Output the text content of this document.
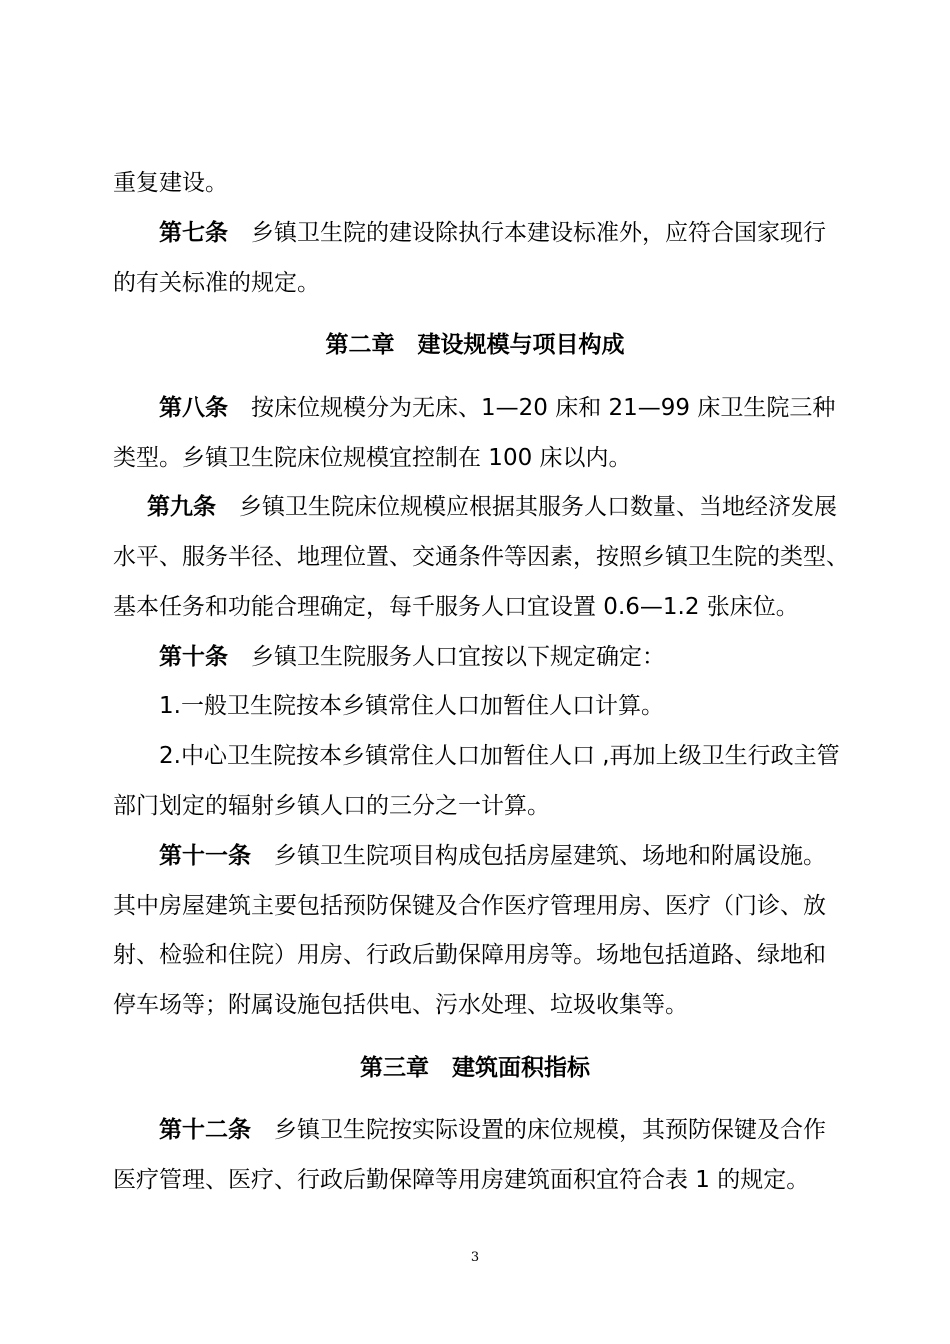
重复建设。
第七条 乡镇卫生院的建设除执行本建设标准外，应符合国家现行
的有关标准的规定。
第二章　建设规模与项目构成
第八条 按床位规模分为无床、1—20 床和 21—99 床卫生院三种
类型。乡镇卫生院床位规模宜控制在 100 床以内。
第九条 乡镇卫生院床位规模应根据其服务人口数量、当地经济发展
水平、服务半径、地理位置、交通条件等因素，按照乡镇卫生院的类型、
基本任务和功能合理确定，每千服务人口宜设置 0.6—1.2 张床位。
第十条 乡镇卫生院服务人口宜按以下规定确定：
1.一般卫生院按本乡镇常住人口加暂住人口计算。
2.中心卫生院按本乡镇常住人口加暂住人口 ,再加上级卫生行政主管
部门划定的辐射乡镇人口的三分之一计算。
第十一条 乡镇卫生院项目构成包括房屋建筑、场地和附属设施。
其中房屋建筑主要包括预防保键及合作医疗管理用房、医疗（门诊、放
射、检验和住院）用房、行政后勤保障用房等。场地包括道路、绿地和
停车场等；附属设施包括供电、污水处理、垃圾收集等。
第三章　建筑面积指标
第十二条 乡镇卫生院按实际设置的床位规模，其预防保键及合作
医疗管理、医疗、行政后勤保障等用房建筑面积宜符合表 1 的规定。
3
